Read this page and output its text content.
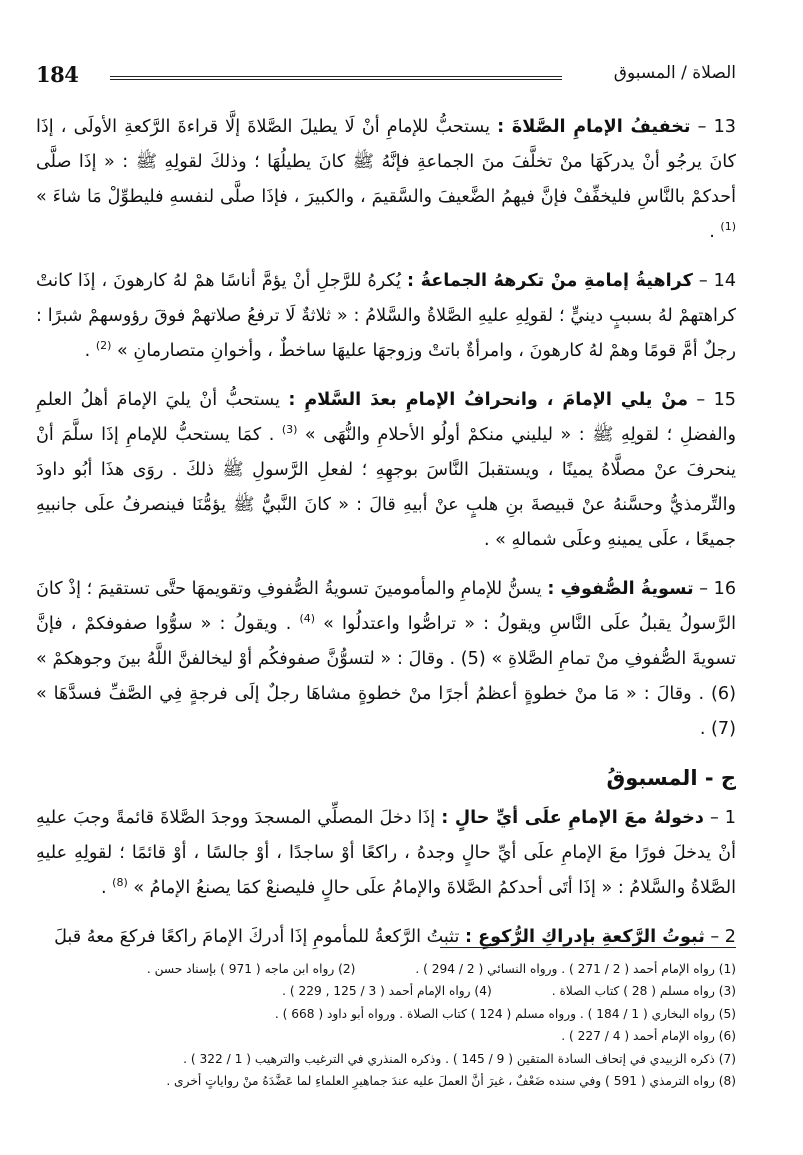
184	الصلاة / المسبوق

13 – تخفيفُ الإمامِ الصَّلاةَ : يستحبُّ للإمامِ أنْ لَا يطيلَ الصَّلاةَ إلَّا قراءةَ الرَّكعةِ الأولَى ، إذَا كانَ يرجُو أنْ يدركَهَا منْ تخلَّفَ منَ الجماعةِ فإنَّهُ ﷺ كانَ يطيلُهَا ؛ وذلكَ لقولِهِ ﷺ : « إذَا صلَّى أحدكمْ بالنَّاسِ فليخفِّفْ فإنَّ فيهمُ الضَّعيفَ والسَّقيمَ ، والكبيرَ ، فإذَا صلَّى لنفسهِ فليطوِّلْ مَا شاءَ » $^{(1)}$ .

14 – كراهيةُ إمامةِ منْ تكرههُ الجماعةُ : يُكرهُ للرَّجلِ أنْ يؤمَّ أناسًا همْ لهُ كارهونَ ، إذَا كانتْ كراهتهمْ لهُ بسببٍ دينيٍّ ؛ لقولِهِ عليهِ الصَّلاةُ والسَّلامُ : « ثلاثةٌ لَا ترفعُ صلاتهمْ فوقَ رؤوسهمْ شبرًا : رجلٌ أمَّ قومًا وهمْ لهُ كارهونَ ، وامرأةٌ باتتْ وزوجهَا عليهَا ساخطٌ ، وأخوانِ متصارمانِ » $^{(2)}$ .

15 – منْ يلي الإمامَ ، وانحرافُ الإمامِ بعدَ السَّلامِ : يستحبُّ أنْ يليَ الإمامَ أهلُ العلمِ والفضلِ ؛ لقولِهِ ﷺ : « ليليني منكمْ أولُو الأحلامِ والنُّهَى » $^{(3)}$ . كمَا يستحبُّ للإمامِ إذَا سلَّمَ أنْ ينحرفَ عنْ مصلَّاهُ يمينًا ، ويستقبلَ النَّاسَ بوجهِهِ ؛ لفعلِ الرَّسولِ ﷺ ذلكَ . روَى هذَا أبُو داودَ والتِّرمذيُّ وحسَّنهُ عنْ قبيصةَ بنِ هلبٍ عنْ أبيهِ قالَ : « كانَ النَّبيُّ ﷺ يؤمُّنَا فينصرفُ علَى جانبيهِ جميعًا ، علَى يمينهِ وعلَى شمالهِ » .

16 – تسويةُ الصُّفوفِ : يسنُّ للإمامِ والمأمومينَ تسويةُ الصُّفوفِ وتقويمهَا حتَّى تستقيمَ ؛ إذْ كانَ الرَّسولُ يقبلُ علَى النَّاسِ ويقولُ : « تراصُّوا واعتدلُوا » $^{(4)}$ . ويقولُ : « سوُّوا صفوفكمْ ، فإنَّ تسويةَ الصُّفوفِ منْ تمامِ الصَّلاةِ » (5) . وقالَ : « لتسوُّنَّ صفوفكُم أوْ ليخالفنَّ اللَّهُ بينَ وجوهكمْ » (6) . وقالَ : « مَا منْ خطوةٍ أعظمُ أجرًا منْ خطوةٍ مشاهَا رجلٌ إلَى فرجةٍ فِي الصَّفِّ فسدَّهَا » (7) .

ج - المسبوقُ

1 – دخولهُ معَ الإمامِ علَى أيِّ حالٍ : إذَا دخلَ المصلِّي المسجدَ ووجدَ الصَّلاةَ قائمةً وجبَ عليهِ أنْ يدخلَ فورًا معَ الإمامِ علَى أيِّ حالٍ وجدهُ ، راكعًا أوْ ساجدًا ، أوْ جالسًا ، أوْ قائمًا ؛ لقولِهِ عليهِ الصَّلاةُ والسَّلامُ : « إذَا أتَى أحدكمُ الصَّلاةَ والإمامُ علَى حالٍ فليصنعْ كمَا يصنعُ الإمامُ » $^{(8)}$ .

2 – ثبوتُ الرَّكعةِ بإدراكِ الرُّكوعِ : تثبتُ الرَّكعةُ للمأمومِ إذَا أدركَ الإمامَ راكعًا فركعَ معهُ قبلَ

(1) رواه الإمام أحمد ( 2 / 271 ) . ورواه النسائي ( 2 / 294 ) .
(2) رواه ابن ماجه ( 971 ) بإسناد حسن .
(3) رواه مسلم ( 28 ) كتاب الصلاة .
(4) رواه الإمام أحمد ( 3 / 125 , 229 ) .
(5) رواه البخاري ( 1 / 184 ) . ورواه مسلم ( 124 ) كتاب الصلاة . ورواه أبو داود ( 668 ) .
(6) رواه الإمام أحمد ( 4 / 227 ) .
(7) ذكره الزبيدي في إتحاف السادة المتقين ( 9 / 145 ) . وذكره المنذري في الترغيب والترهيب ( 1 / 322 ) .
(8) رواه الترمذي ( 591 ) وفي سنده ضَعْفٌ ، غيرَ أنَّ العملَ عليه عندَ جماهيرِ العلماءِ لما عَضَّدَهُ منْ رواياتٍ أخرى .
